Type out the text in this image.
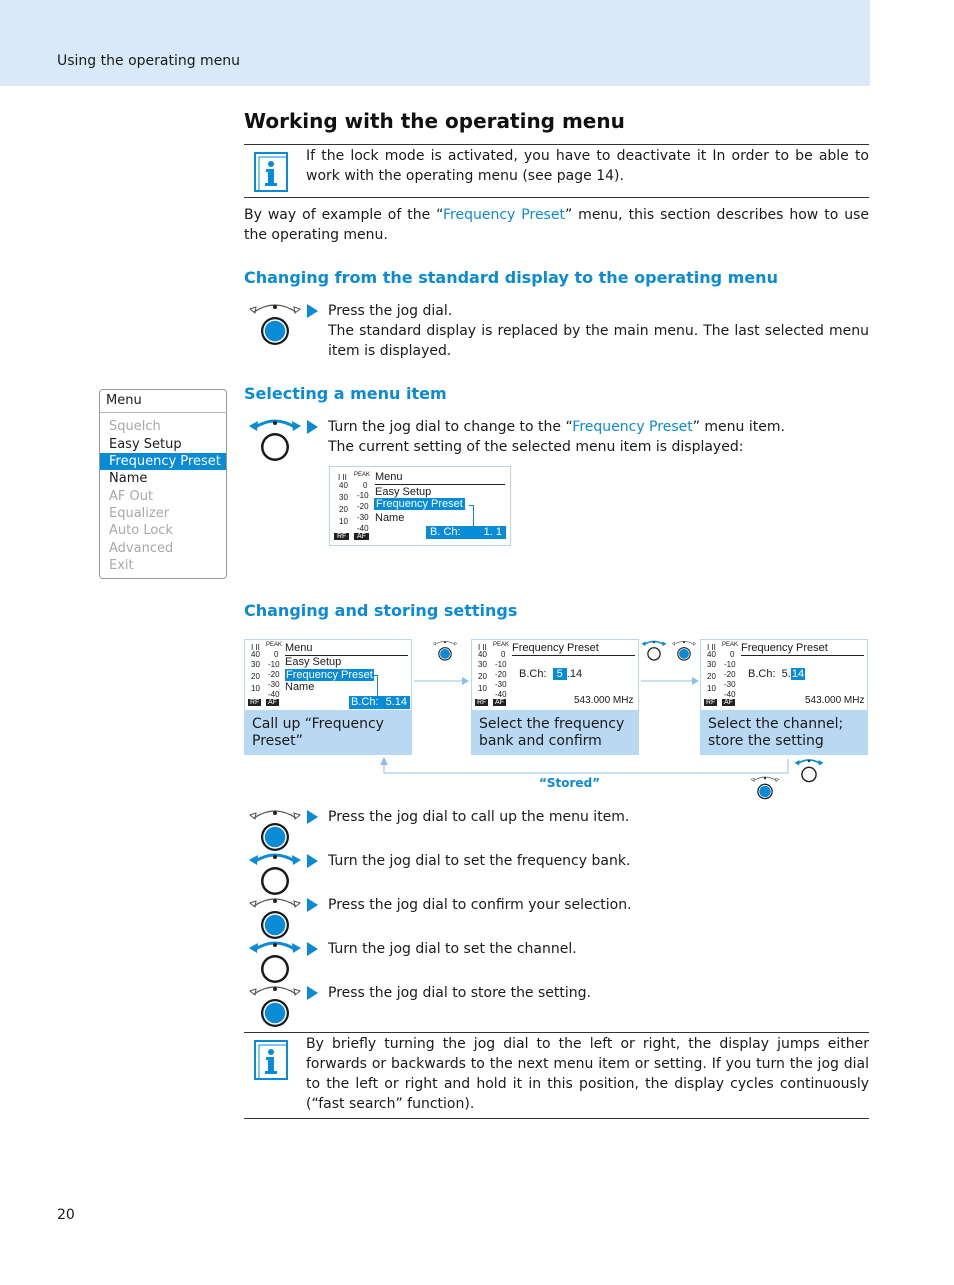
Using the operating menu
Working with the operating menu
If the lock mode is activated, you have to deactivate it In order to be able to work with the operating menu (see page 14).
By way of example of the “Frequency Preset” menu, this section describes how to use the operating menu.
Changing from the standard display to the operating menu
Press the jog dial.
The standard display is replaced by the main menu. The last selected menu item is displayed.
Menu
Squelch
Easy Setup
Frequency Preset
Name
AF Out
Equalizer
Auto Lock
Advanced
Exit
Selecting a menu item
Turn the jog dial to change to the “Frequency Preset” menu item.
The current setting of the selected menu item is displayed:
I II PEAK
40
30
20
10
0
-10
-20
-30
-40
RF	AF
Menu
Easy Setup
Frequency Preset
Name
B. Ch: 1. 1
Changing and storing settings
Call up “Frequency Preset”
I II PEAK
40
30
20
10
0
-10
-20
-30
-40
RF AF
Menu
Easy Setup
Frequency Preset
Name
B.Ch: 5.14
Select the frequency bank and confirm
I II PEAK
40
30
20
10
0
-10
-20
-30
-40
RF AF
Frequency Preset
B.Ch: 5 .14
543.000 MHz
Select the channel; store the setting
I II PEAK
40
30
20
10
0
-10
-20
-30
-40
RF AF
Frequency Preset
B.Ch: 5.14
543.000 MHz
“Stored”
Press the jog dial to call up the menu item.
Turn the jog dial to set the frequency bank.
Press the jog dial to confirm your selection.
Turn the jog dial to set the channel.
Press the jog dial to store the setting.
By briefly turning the jog dial to the left or right, the display jumps either forwards or backwards to the next menu item or setting. If you turn the jog dial to the left or right and hold it in this position, the display cycles continuously (“fast search” function).
20
